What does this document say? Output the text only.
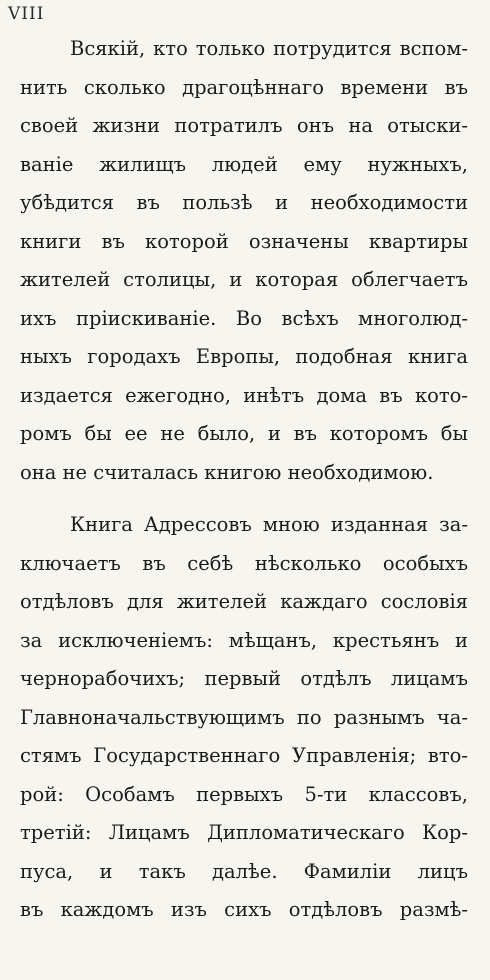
VIII
Всякій, кто только потрудится вспом-
нить сколько драгоцѣннаго времени въ
своей жизни потратилъ онъ на отыски-
ваніе жилищъ людей ему нужныхъ,
убѣдится въ пользѣ и необходимости
книги въ которой означены квартиры
жителей столицы, и которая облегчаетъ
ихъ пріискиваніе. Во всѣхъ многолюд-
ныхъ городахъ Европы, подобная книга
издается ежегодно, инѣтъ дома въ кото-
ромъ бы ее не было, и въ которомъ бы
она не считалась книгою необходимою.
Книга Адрессовъ мною изданная за-
ключаетъ въ себѣ нѣсколько особыхъ
отдѣловъ для жителей каждаго сословія
за исключеніемъ: мѣщанъ, крестьянъ и
чернорабочихъ; первый отдѣлъ лицамъ
Главноначальствующимъ по разнымъ ча-
стямъ Государственнаго Управленія; вто-
рой: Особамъ первыхъ 5-ти классовъ,
третій: Лицамъ Дипломатическаго Кор-
пуса, и такъ далѣе. Фамиліи лицъ
въ каждомъ изъ сихъ отдѣловъ размѣ-
